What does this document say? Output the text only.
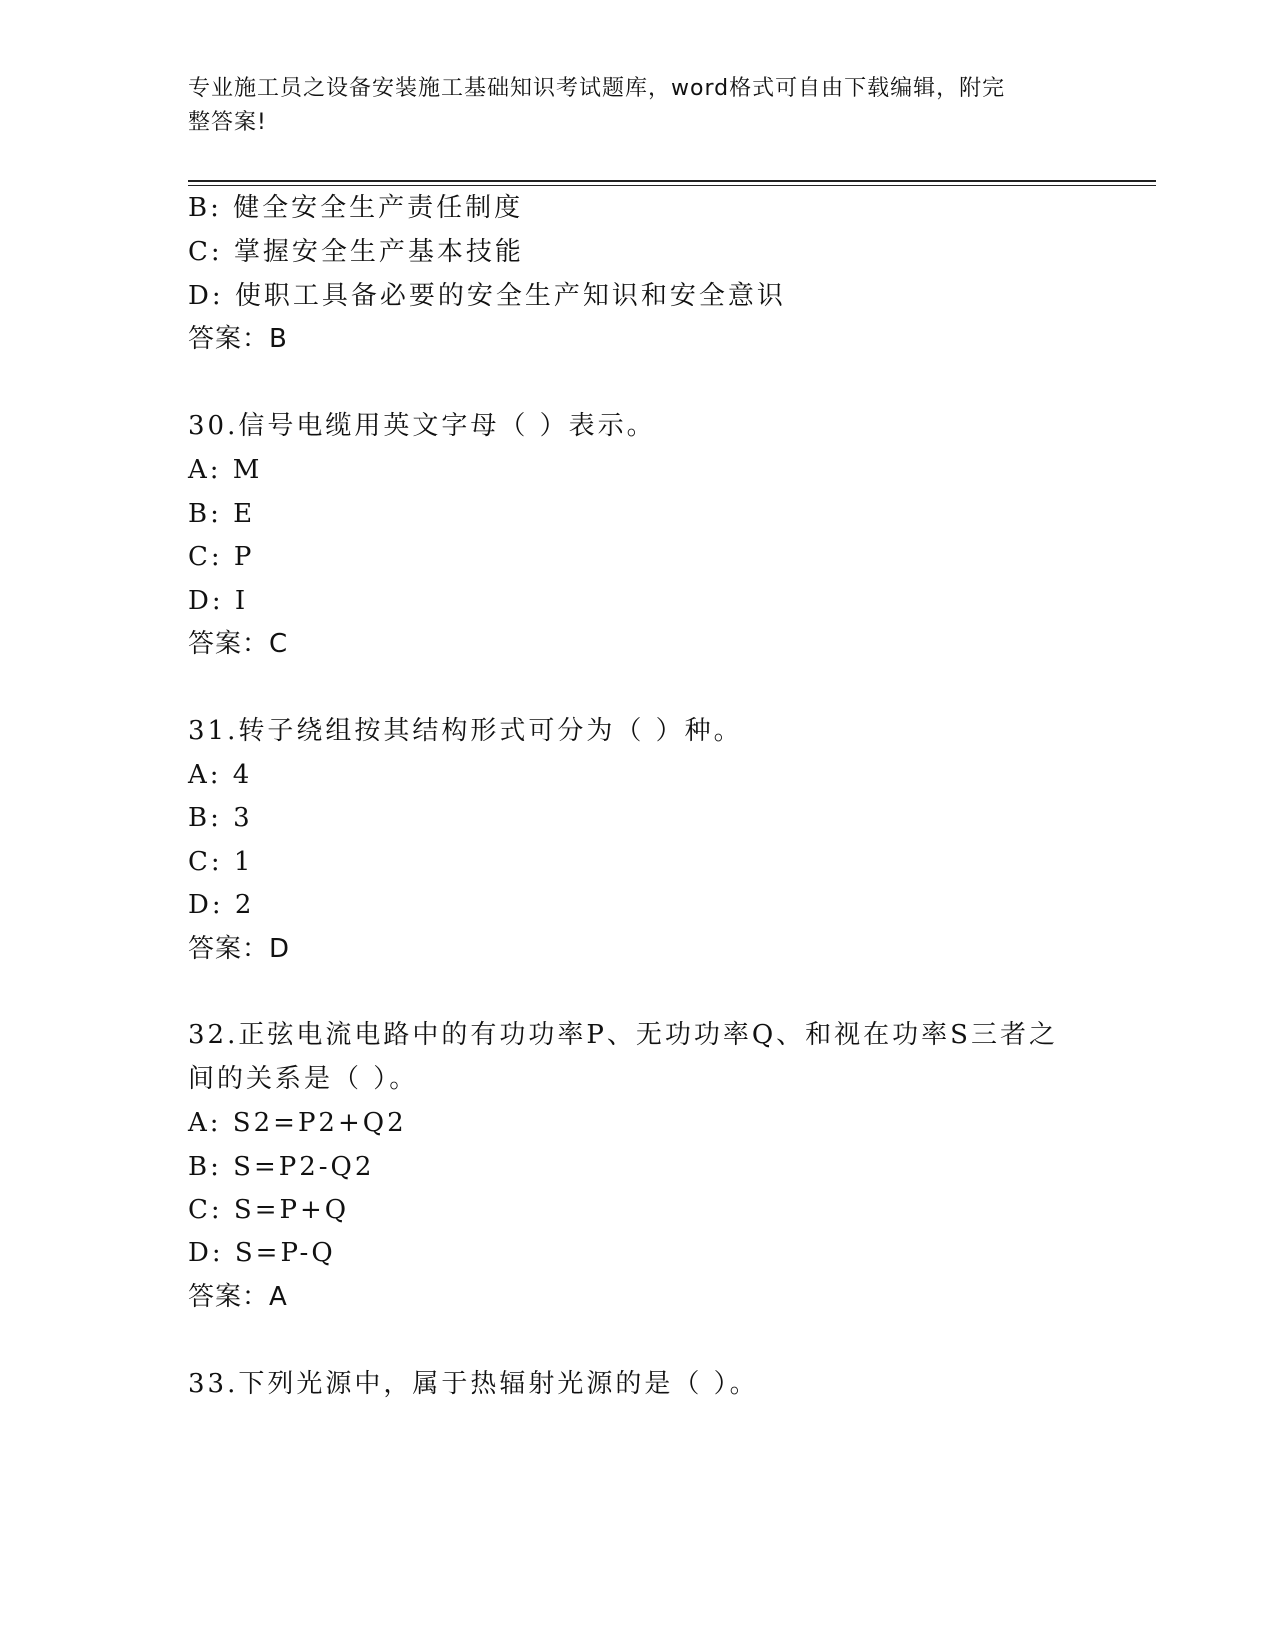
专业施工员之设备安装施工基础知识考试题库，word格式可自由下载编辑，附完
整答案!
B: 健全安全生产责任制度
C: 掌握安全生产基本技能
D: 使职工具备必要的安全生产知识和安全意识
答案：B
30.信号电缆用英文字母（ ）表示。
A: M
B: E
C: P
D: I
答案：C
31.转子绕组按其结构形式可分为（ ）种。
A: 4
B: 3
C: 1
D: 2
答案：D
32.正弦电流电路中的有功功率P、无功功率Q、和视在功率S三者之
间的关系是（ ）。
A: S2=P2+Q2
B: S=P2-Q2
C: S=P+Q
D: S=P-Q
答案：A
33.下列光源中，属于热辐射光源的是（ ）。
